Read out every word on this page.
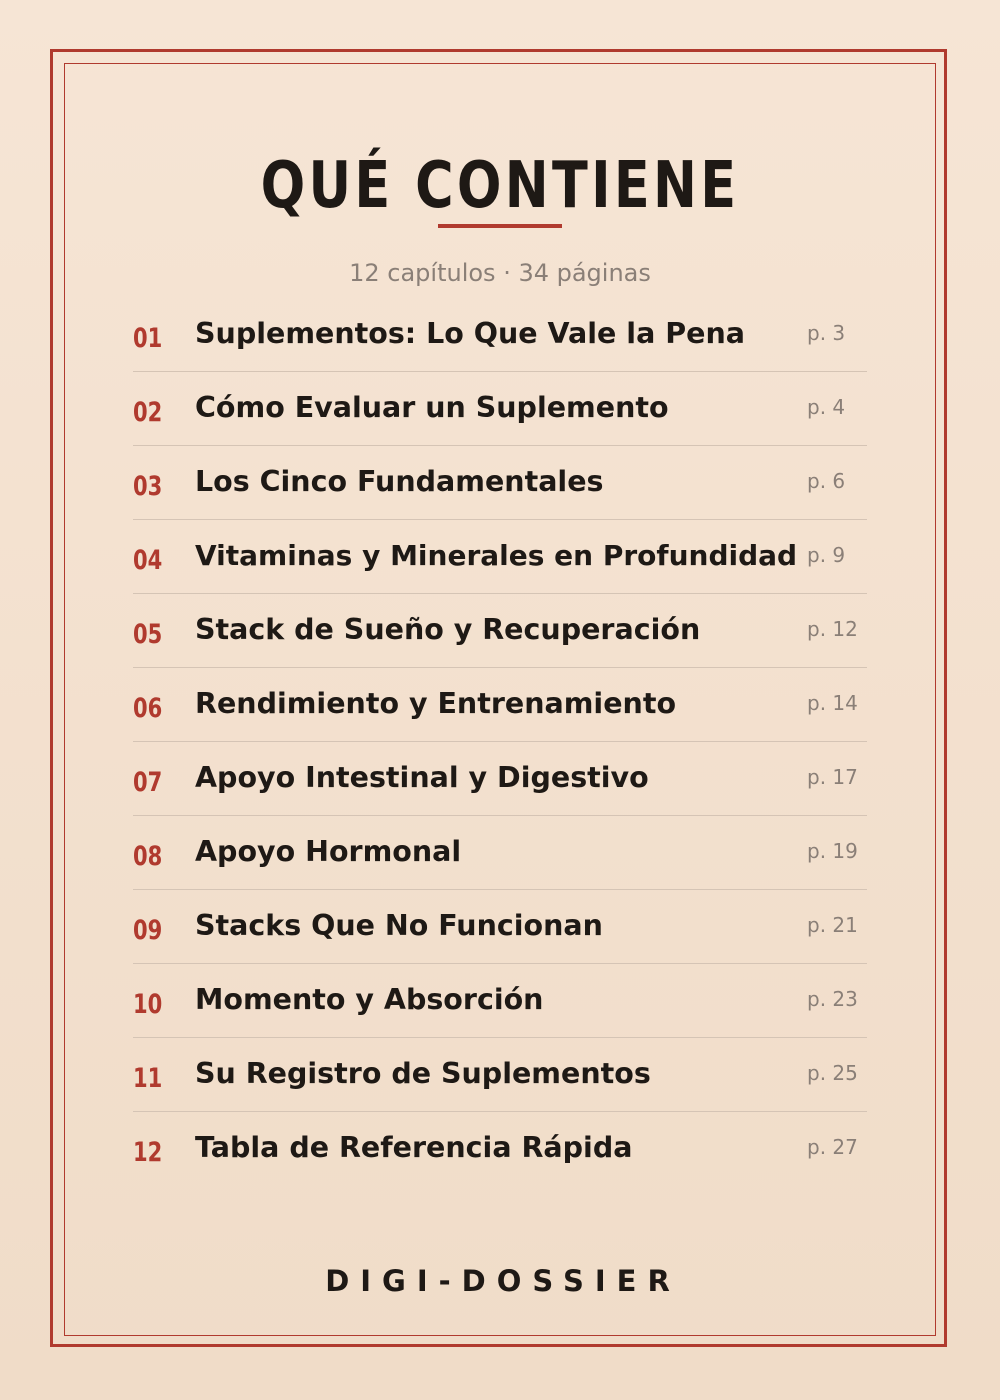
QUÉ CONTIENE
12 capítulos · 34 páginas
01 Suplementos: Lo Que Vale la Pena	p. 3
02 Cómo Evaluar un Suplemento	p. 4
03 Los Cinco Fundamentales	p. 6
04 Vitaminas y Minerales en Profundidad p. 9
05 Stack de Sueño y Recuperación	p. 12
06 Rendimiento y Entrenamiento	p. 14
07 Apoyo Intestinal y Digestivo	p. 17
08 Apoyo Hormonal	p. 19
09 Stacks Que No Funcionan	p. 21
10 Momento y Absorción	p. 23
11 Su Registro de Suplementos	p. 25
12 Tabla de Referencia Rápida	p. 27
DIGI-DOSSIER
